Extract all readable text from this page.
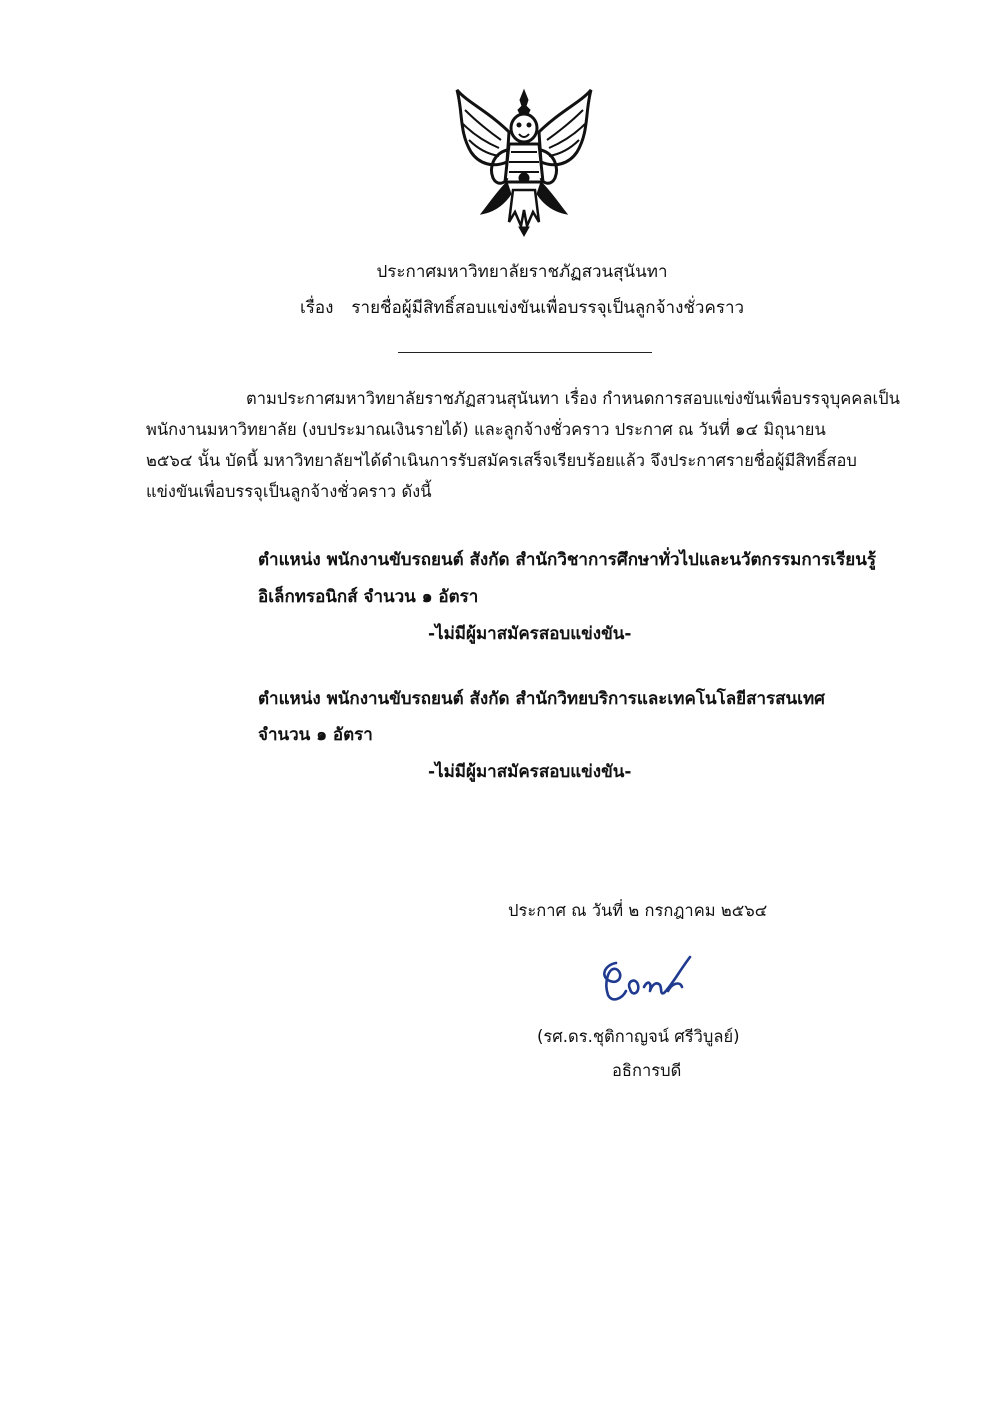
ประกาศมหาวิทยาลัยราชภัฏสวนสุนันทา
เรื่อง รายชื่อผู้มีสิทธิ์สอบแข่งขันเพื่อบรรจุเป็นลูกจ้างชั่วคราว
ตามประกาศมหาวิทยาลัยราชภัฏสวนสุนันทา เรื่อง กำหนดการสอบแข่งขันเพื่อบรรจุบุคคลเป็น
พนักงานมหาวิทยาลัย (งบประมาณเงินรายได้) และลูกจ้างชั่วคราว ประกาศ ณ วันที่ ๑๔ มิถุนายน
๒๕๖๔ นั้น บัดนี้ มหาวิทยาลัยฯได้ดำเนินการรับสมัครเสร็จเรียบร้อยแล้ว จึงประกาศรายชื่อผู้มีสิทธิ์สอบ
แข่งขันเพื่อบรรจุเป็นลูกจ้างชั่วคราว ดังนี้
ตำแหน่ง พนักงานขับรถยนต์ สังกัด สำนักวิชาการศึกษาทั่วไปและนวัตกรรมการเรียนรู้
อิเล็กทรอนิกส์ จำนวน ๑ อัตรา
-ไม่มีผู้มาสมัครสอบแข่งขัน-
ตำแหน่ง พนักงานขับรถยนต์ สังกัด สำนักวิทยบริการและเทคโนโลยีสารสนเทศ
จำนวน ๑ อัตรา
-ไม่มีผู้มาสมัครสอบแข่งขัน-
ประกาศ ณ วันที่ ๒ กรกฎาคม ๒๕๖๔
(รศ.ดร.ชุติกาญจน์ ศรีวิบูลย์)
อธิการบดี
